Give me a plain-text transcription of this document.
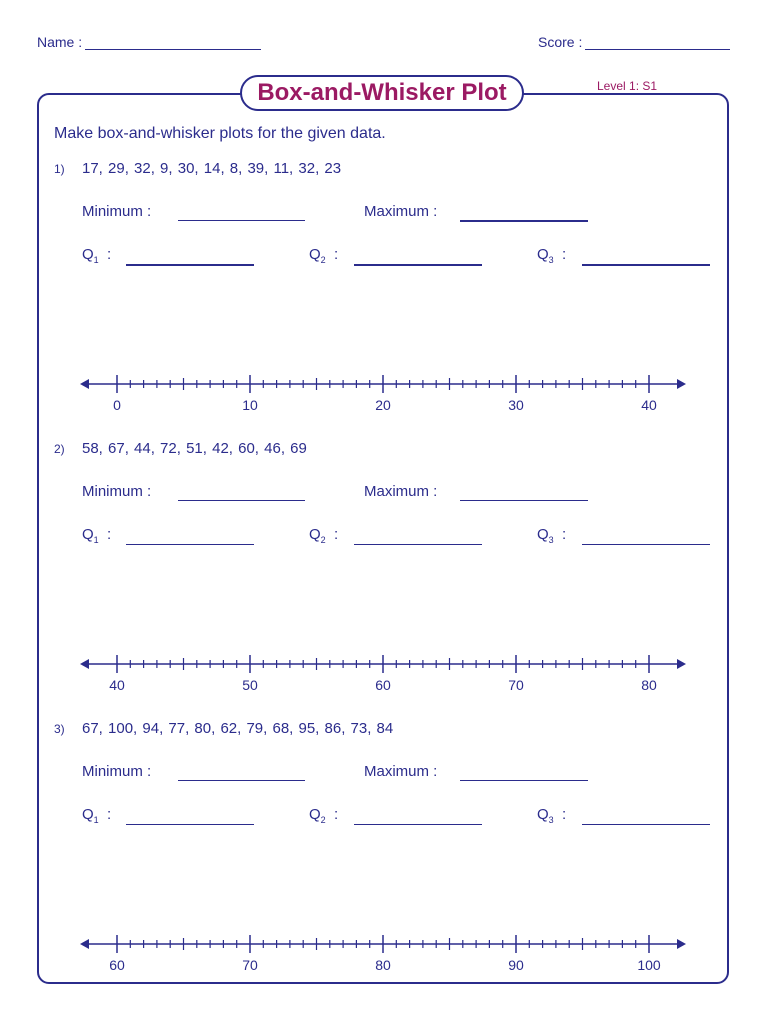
Name :	Score :
Box-and-Whisker Plot	Level 1: S1
Make box-and-whisker plots for the given data.
1) 17, 29, 32, 9, 30, 14, 8, 39, 11, 32, 23
Minimum :	Maximum :
$Q_1$ :	$Q_2$ :	$Q_3$ :
0	10	20	30	40
2) 58, 67, 44, 72, 51, 42, 60, 46, 69
Minimum :	Maximum :
$Q_1$ :	$Q_2$ :	$Q_3$ :
40	50	60	70	80
3) 67, 100, 94, 77, 80, 62, 79, 68, 95, 86, 73, 84
Minimum :	Maximum :
$Q_1$ :	$Q_2$ :	$Q_3$ :
60	70	80	90	100
